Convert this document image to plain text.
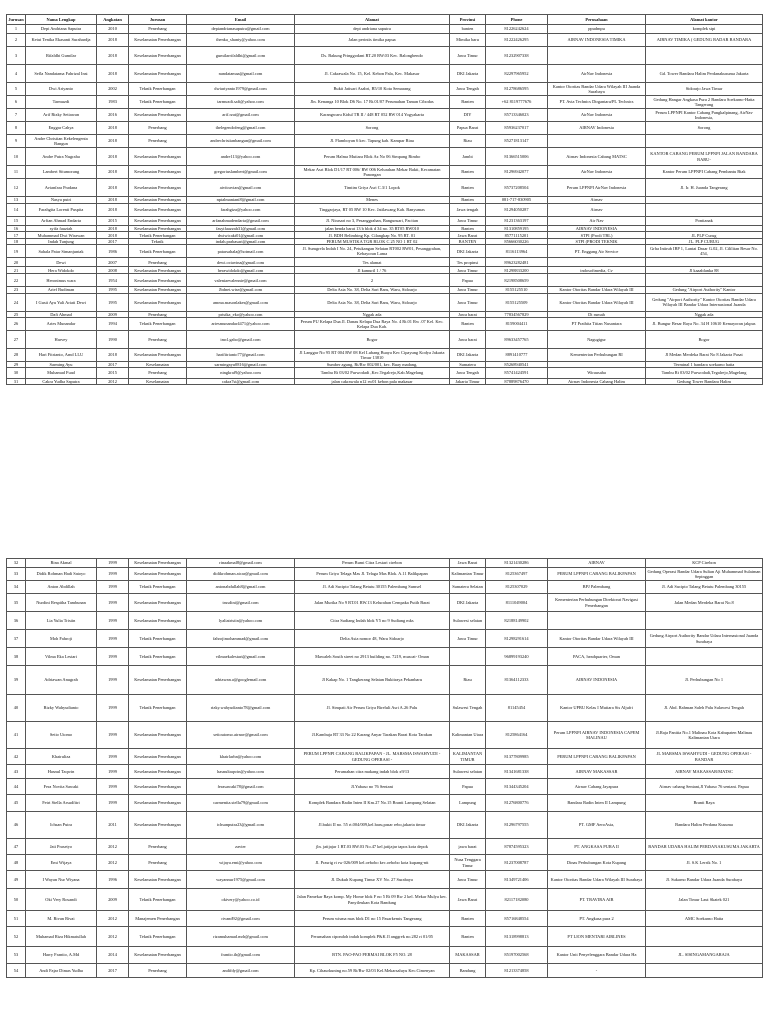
Jurusan	Nama Lengkap	Angkatan	Jurusan	Email	Alamat	Provinsi	Phone	Perusahaan	Alamat kantor
1	Depi Andriana Saputra	2010	Penerbang	depiandrianasaputra@gmail.com	depi andriana saputra	banten	81226242624	ppudmpu	komplek stpi
2	Ketut Tenika Ekasanti Surahardja	2018	Keselamatan Penerbangan	thenka_shanty@yahoo.com	Jalan perintis timika papua	Mimika baru	81222426295	AIRNAV INDONESIA TIMIKA	AIRNAV TIMIKA ( GEDUNG RADAR BANDARA
3	Rifaldhi Gumilar	2018	Keselamatan Penerbangan	gumilarrifaldhi@gmail.com	Ds. Bakung Pringgodani RT.20 RW.03 Kec. Balongbendo	Jawa Timur	81232907338		
4	Sefla Nandatama Fahrizal Inst	2018	Keselamatan Penerbangan	nandatamaa@gmail.com	Jl. Cakrawala No. 15, Kel. Kebon Pala, Kec. Makasar	DKI Jakarta	82297965952	AirNav Indonesia	Gd. Tower Bandara Halim Perdanakusuma Jakarta
5	Dwi Ariyanto	2002	Teknik Penerbangan	dwiariyanto1979@gmail.com	Bukit Jatisari Asabri, B5/10 Kota Semarang	Jawa Tengah	81278686595	Kantor Otoritas Bandar Udara Wilayah III Juanda Surabaya	Sidoarjo Jawa Timur
6	Tarmuzdi	1983	Teknik Penerbangan	tarmuzdi.safi@yahoo.com	Jln. Kenanga 10 Blok D6 No. 17 Rt.01/07 Perumahan Taman Cibodas	Banten	+62 8119777676	PT. Avia Technics Dirgantara/PL Technics	Gedung Hangar Angkasa Pura 2 Bandara Soekarno-Hatta Tangerang
7	Arif Rizky Setiawan	2016	Keselamatan Penerbangan	arif.rzat@gmail.com	Karangwaru Kidul TR II / 448 RT 052 RW 014 Yogyakarta	DIY	85713346023	AirNav Indonesia	Perum LPPNPI Kantor Cabang Pangkalpinang, AirNav Indonesia,
8	Enggar Cahya	2018	Penerbang	thelegendofeng@gmail.com	Sorong	Papua Barat	85936237017	AIRNAV Indonesia	Sorong
9	Andre Christian Kekelengenta Bangun	2018	Penerbang	andrechristianbangun@gmail.com	Jl. Flamboyan 6 kec. Tapung kab. Kampar Riau	Riau	85271813147		
10	Andre Putra Nugraha	2018	Keselamatan Penerbangan	andre113@yahoo.com	Perum Halma Mutiara Blok Az No 06 Simpang Rimbo	Jambi	81366515006	Airnav Indonesia Cabang MATSC	KANTOR CABANG PERUM LPPNPI JALAN BANDARA BARU-
11	Lambert Situmorang	2018	Keselamatan Penerbangan	gregoriuslambert@gmail.com	Mekar Asri Blok D1/17 RT 006/ RW 006 Kelurahan Mekar Bakti, Kecamatan Panongan	Banten	81296942077	AirNav Indonesia	Kantor Perum LPPNPI Cabang Pembantu Biak
12	Avianfara Pradana	2018	Keselamatan Penerbangan	aivitravian@gmail.com	Timtim Griya Asri C.3/1 Lopok	Banten	85737208504	Perum LPPNPI AirNav Indonesia	Jl. Ir. H. Juanda Tangerang
13	Nasya putri	2018	Keselamatan Penerbangan	nptalmaniani8@gmail.com	Menes	Banten	081-717-830905	Airnav	
14	Farahgita Lorenti Puspita	2018	Keselamatan Penerbangan	farahgiza@yahoo.com	Tinggarjaya, RT 05 RW 10 Kec. Jatilawang Kab. Banyumas	Jawa tengah	81294050287	Airnav	
15	Arfian Ahmad Endarta	2015	Keselamatan Penerbangan	arfanahmadendarta@gmail.com	Jl. Nirasari no 3, Pesanggrahan, Bangunsari, Pacitan	Jawa Timur	81231363197	Air Nav	Pontianak
16	syifa fauziah	2018	Keselamatan Penerbangan	fasyifaazzah31@gmail.com	jalan benda barat 13 b blok d 34 no. 35 RT05 RW010	Banten	81310859195	AIRNAV INDONESIA	
17	Muhammad Dwi Wirawan	2018	Teknik Penerbangan	dwiwicakt01@gmail.com	Jl. BDH Belimbing Kp. Cilangkap No. 95 RT. 01	Jawa Barat	85771115201	STPI (Prodi TBL)	JL PLP Curug
18	Indah Tunjung	2017	Teknik	indah.prabasari@gmail.com	PERUM MUSTIKA TGR BLOK C 25 NO 1 RT 02	BANTEN	85666030226	STPI (PRODI TEKNIK	JL. PLP CURUG
19	Sahala Patar Simanjuntak	1986	Teknik Penerbangan	patarsahala@hotmail.com	Jl. Sumgrela Indah I No. 24, Petukangan Selatan RT002 RW01, Pesanggrahan, Kebayoran Lama	DKI Jakarta	8116113964	PT. Enggang Air Service	Grha Intirub IBP 1, Lantai Dasar G.02, Jl. Cililitan Besar No. 454,
20	Dewi	2007	Penerbang	dewi.octavina@gmail.com	Tes alamat	Tes propinsi	89623282481		
21	Hera Widokdo	2008	Keselamatan Penerbangan	herawidokdo@gmail.com	Jl kamuril 1 / 76	Jawa Timur	81298833200	indosoftmedia, Cv	Jl kaaablanka 88
22	Heronimus wara	1954	Keselamatan Penerbangan	valeniaevalennie@gmail.com	2	Papua	82198508659		
23	Arief Budiman	1995	Keselamatan Penerbangan	Jbdnet.wise@gmail.com	Delta Asia No. 38, Delta Sari Baru, Waru, Sidoarjo	Jawa Timur	8155125510	Kantor Otoritas Bandar Udara Wilayah III	Gedung "Airport Authority" Kantor
24	I Gusti Ayu Yuli Ariati Dewi	1995	Keselamatan Penerbangan	amma.masonlakes@gmail.com	Delta Asia No. 38, Delta Sari Baru, Waru, Sidoarjo	Jawa Timur	8155125509	Kantor Otoritas Bandar Udara Wilayah III	Gedung "Airport Authority" Kantor Otoritas Bandar Udara Wilayah III Bandar Udara Internasional Juanda
25	Dafi Ahmad	2009	Penerbang	pristka_eko@yahoo.com	Nggak ada	Jawa barat	77834567829	Di rumah	Nggak ada
26	Aries Munandar	1994	Teknik Penerbangan	ariesmunandar4471@yahoo.com	Perum PU Kelapa Dua Jl. Danau Kelapa Dua Raya No. 4 Rt.01 Rw .07 Kel. Kec. Kelapa Dua Kab.	Banten	8159004411	PT Prathita Titian Nusantara	Jl. Bungur Besar Raya No. 34 H 10610 Kemayoran jakpus
27	Harvey	1990	Penerbang	imcl.gabo@gmail.com	Bogor	Jawa barat	89633457765	Nagugigur	Bogor
28	Hari Fitrianto, Amd LLU	2018	Keselamatan Penerbangan	harifitrianto77@gmail.com	Jl Langgar No 95 RT 004 RW 08 Kel Lubang Buaya Kec Cipayung Kodya Jakarta Timur 13810	DKI Jakarta	8891410777	Kementerian Perhubungan RI	Jl Medan Merdeka Barat No 8 Jakarta Pusat
29	Sarming Ayu	2017	Keselamatan	sarmingayu0816@gmail.com	Sumber agung, Rt/Rw 002/001, kec. Buay madang,	Sumatera	85268940541		Terminal 1 bandara soekarno hatta
30	Muhamad Fuad	2015	Penerbang	ningkraf9@yahoo.com	Tambu Rt 03/02 Purwodadi ,Kec.Tegalrejo,Kab.Magelang	Jawa Tengah	85741424591	Wirausaha	Tambu Rt 03/02 Purwodadi,Tegalrejo,Magelang
31	Cakra Yudha Saputra	2012	Keselamatan	cakra7st@gmail.com	jalan cakrawala n12 rw01 kebon pala makasar	Jakarta Timur	87889876470	Airnav Indonesia Cabang Halim	Gedung Tower Bandara Halim
32	Rina Akmal	1999	Keselamatan Penerbangan	rinaakmal8@gmail.com	Perum Bumi Citra Lestari cirebon	Jawa Barat	81321430286	AIRNAV	KCP Cirebon
33	Didik Rohman Hadi Satoyo	1999	Keselamatan Penerbangan	didikrohman.atcar@gmail.com	Perum Griya Telaga Mas Jl. Telaga Mas Blok. A.11 Balikpapan	Kalimantan Timur	8125367497	PERUM LPPNPI CABANG BALIKPAPAN	Gedung Operasi Bandar Udara Sultan Aji Muhammad Sulaiman Sepinggan
34	Anton Abdillah	1999	Teknik Penerbangan	antonabdullah8@gmail.com	Jl. Adi Sucipto Talang Betutu 30155 Palembang Sumsel	Sumatera Selatan	8125307029	BPJ Palembang	Jl. Adi Sucipto Talang Betutu Palembang 30155
35	Nurdini Respitha Tambunan	1999	Keselamatan Penerbangan	trusdini@gmail.com	Jalan Murika No 9 RT.01 RW.13 Kelurahan Cempaka Putih Barat	DKI Jakarta	8111049004	Kementerian Perhubungan Direktorat Navigasi Penerbangan	Jalan Medan Merdeka Barat No.8
36	Lia Yulia Tristin	1999	Keselamatan Penerbangan	lyaliatristin@yahoo.com	Citra Sudiang Indah blok Y5 no 9 Sudiang mks	Sulawesi selatan	82188149902		
37	Moh Fahroji	1999	Teknik Penerbangan	fahrojimohammad@gmail.com	Delta Asia nomor 48, Waru Sidoarjo	Jawa Timur	81298291614	Kantor Otoritas Bandar Udara Wilayah III	Gedung Airport Authority Bandar Udara Internasional Juanda Surabaya
38	Vilma Eka Lestari	1999	Teknik Penerbangan	vilmaekalestari@gmail.com	Mawaleh South street no 2913 building no. 7219, muscat- Oman		96899193240	PACA, headquarter, Oman	
39	Adriawan Anugrah	1999	Keselamatan Penerbangan	adriawan.a@googlemail.com	Jl Kakap No. 1 Tangkerang Selatan Bukitraya Pekanbaru	Riau	81364112333	AIRNAV INDONESIA	Jl. Perhubungan No 1
40	Rizky Wahyudianto	1999	Teknik Penerbangan	rizky.wahyudianto78@gmail.com	Jl. Simpati Air Perum Griya Bireluli Asri A.26 Palu	Sulawesi Tengah	81145454	Kantor UPBU Kelas I Mutiara Sis Aljufri	Jl. Abd. Rahman Saleh Palu Sulawesi Tengah
41	Setio Utomo	1999	Keselamatan Penerbangan	setioutomo.airnav@gmail.com	Jl.Kambuja RT 33 No 22 Karang Anyar Tarakan Barat Kota Tarakan	Kalimantan Utara	8125864164	Perum LPPNPI AIRNAV INDONESIA CAPEM MALINAU	Jl.Raja Panitia No.1 Malinau Kota Kabupaten Malinau Kalimantan Utara
42	Khairuliza	1999	Keselamatan Penerbangan	khairlarhn@yahoo.com	PERUM LPPNPI CABANG BALIKPAPAN - JL. MARSMA ISWAHYUDI - GEDUNG OPERASI -	KALIMANTAN TIMUR	81377809985	PERUM LPPNPI CABANG BALIKPAPAN	JL MARSMA ISWAHYUDI - GEDUNG OPERASI - BANDAR
43	Hasnul Taqwin	1999	Keselamatan Penerbangan	hasnultaqwin@yahoo.com	Perumahan citra makang indah blok x9/13	Sulawesi selatan	81341681338	AIRNAV MAKASSAR	AIRNAV MAKASSAR/MATSC
44	Fera Novita Sawaki	1999	Keselamatan Penerbangan	ferasawaki78@gmail.com	Jl.Yabaso no 76 Sentani	Papua	81344345204	Airnav Cabang Jayapura	Airnav cabang Sentani,Jl Yabaso 76 sentani. Papua
45	Fetri Stella Arsudfitri	1999	Keselamatan Penerbangan	carmenita.stella79@gmail.com	Komplek Bandara Radin Inten II Km.27 No.15 Branti Lampung Selatan	Lampung	81276800776	Bandara Radin Inten II Lampung	Branti Raya
46	Ichsan Putra	2011	Keselamatan Penerbangan	ichsanputra23@gmail.com	Jl.bukit II no. 55 rt.004/009,kel.baru,pasar rebo,jakarta timur	DKI Jakarta	81296797555	PT. GMF AeroAsia,	Bandara Halim Perdana Kusuma
47	Jati Prasetyo	2012	Penerbang	zavier	jln. jatijajar 1 RT.03 RW.03 No.47 kel.jatijajar tapos kota depok	jawa barat	87874595323	PT. ANGKASA PURA II	BANDAR UDARA HALIM PERDANAKUSUMA JAKARTA
48	Emi Wijaya	2012	Penerbang	wijaya.emi@yahoo.com	Jl. Prasrig rt rw 026/009 kel.oebobo kec.oebobo kota kupang-ntt	Nusa Tenggara Timur	81237008787	Dinas Perhubungan Kota Kupang	Jl. S.K Lerrik No. 1
49	I Wayan Nur Wiyana	1996	Keselamatan Penerbangan	wayannur1975@gmail.com	Jl. Dukuh Kupang Timur XV No. 27 Surabaya	Jawa Timur	81349721406	Kantor Otoritas Bandar Udara Wilayah III Surabaya	Jl. Sukarno Bandar Udara Juanda Surabaya
50	Oki Very Rosandi	2009	Teknik Penerbangan	okivery@yahoo.co.id	Jalan Pamekar Raya komp. My Home blok F no 5 Rt 09 Rw 2 kel. Mekar Mulya kec. Panyileukan Kota Bandung	Jawa Barat	82117182080	PT. TRAVIRA AIR	Jalan Timur Laut Skatek 021
51	M. Rivan Rivai	2012	Manajemen Penerbangan	rivand92@gmail.com	Perum wisma mas blok D1 no 15 Pasarkemis Tangerang	Banten	85716848554	PT. Angkasa pura 2	AMC Soekarno Hatta
52	Muhamad Riza Hikmatullah	2012	Teknik Penerbangan	rizamuhamad.mrh@gmail.com	Perumahan cipondoh indah komplek P&K Jl anggrek no.282 rt 01/05	Banten	81318998813	PT LION MENTARI AIRLINES	
53	Harry Frantio, A.Md	2014	Keselamatan Penerbangan	frantio.ih@gmail.com	BTN. PAO-PAO PERMAI BLOK F5 NO. 28	MAKASSAR	85197002568	Kantor Unit Penyelenggara Bandar Udara Ha	JL. SISINGAMANGARAJA
54	Andi Fajar Dimas Yudha	2017	Penerbang	andifdy@gmail.com	Kp. Cihaurkuning no.59 Rt/Rw 02/03 Kel.Mekarsaluyu Kec.Cimenyan	Bandung	81213374858	-	
